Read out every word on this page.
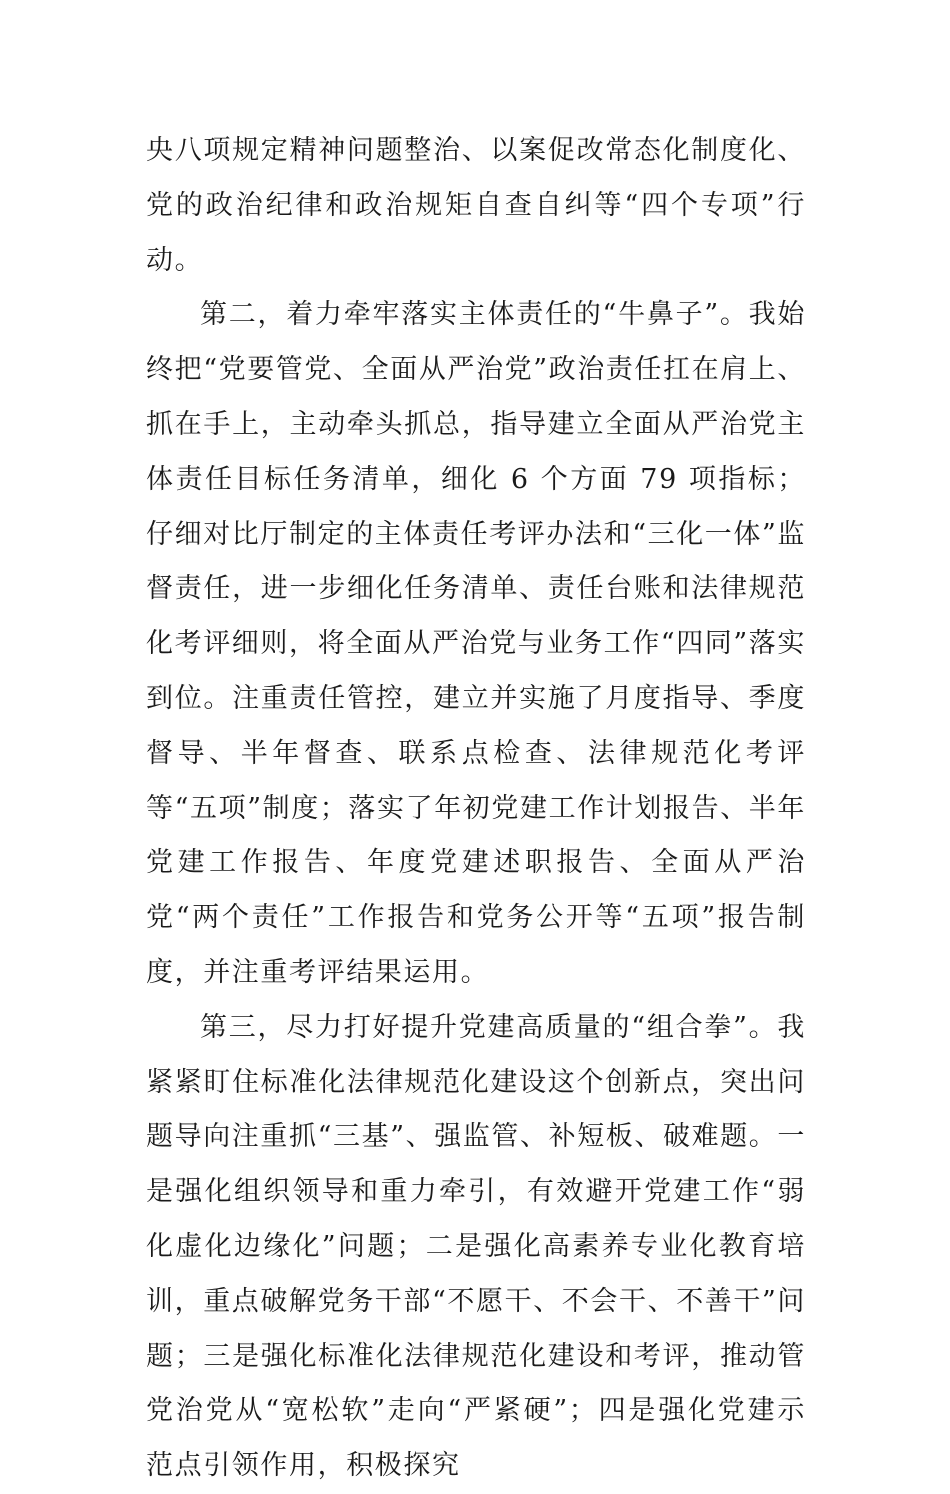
央八项规定精神问题整治、以案促改常态化制度化、党的政治纪律和政治规矩自查自纠等“四个专项”行动。

第二，着力牵牢落实主体责任的“牛鼻子”。我始终把“党要管党、全面从严治党”政治责任扛在肩上、抓在手上，主动牵头抓总，指导建立全面从严治党主体责任目标任务清单，细化 6 个方面 79 项指标；仔细对比厅制定的主体责任考评办法和“三化一体”监督责任，进一步细化任务清单、责任台账和法律规范化考评细则，将全面从严治党与业务工作“四同”落实到位。注重责任管控，建立并实施了月度指导、季度督导、半年督查、联系点检查、法律规范化考评等“五项”制度；落实了年初党建工作计划报告、半年党建工作报告、年度党建述职报告、全面从严治党“两个责任”工作报告和党务公开等“五项”报告制度，并注重考评结果运用。

第三，尽力打好提升党建高质量的“组合拳”。我紧紧盯住标准化法律规范化建设这个创新点，突出问题导向注重抓“三基”、强监管、补短板、破难题。一是强化组织领导和重力牵引，有效避开党建工作“弱化虚化边缘化”问题；二是强化高素养专业化教育培训，重点破解党务干部“不愿干、不会干、不善干”问题；三是强化标准化法律规范化建设和考评，推动管党治党从“宽松软”走向“严紧硬”；四是强化党建示范点引领作用，积极探究
